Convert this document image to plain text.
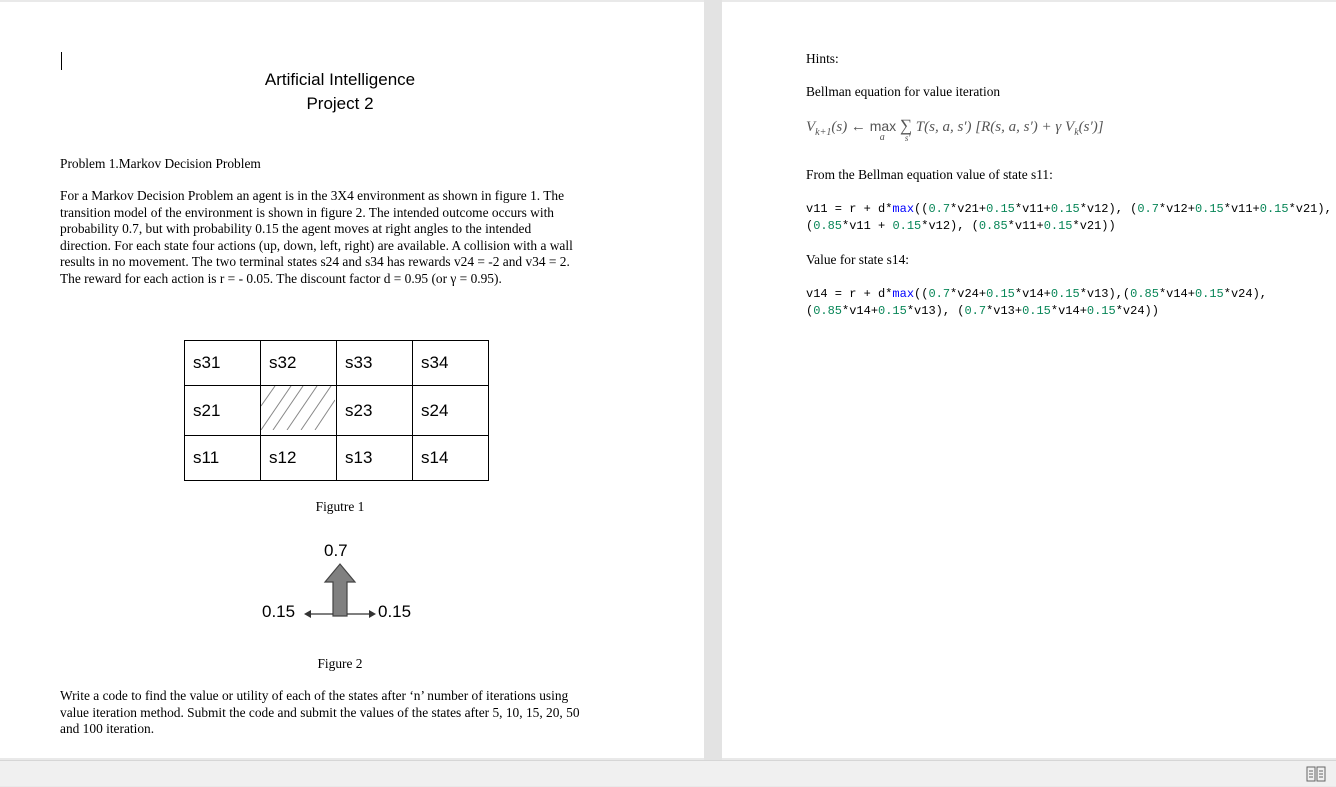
Artificial Intelligence
Project 2
Problem 1.Markov Decision Problem
For a Markov Decision Problem an agent is in the 3X4 environment as shown in figure 1. The
transition model of the environment is shown in figure 2. The intended outcome occurs with
probability 0.7, but with probability 0.15 the agent moves at right angles to the intended
direction. For each state four actions (up, down, left, right) are available. A collision with a wall
results in no movement. The two terminal states s24 and s34 has rewards v24 = -2 and v34 = 2.
The reward for each action is r = - 0.05. The discount factor d = 0.95 (or γ = 0.95).
s31	s32	s33	s34
s21		s23	s24
s11	s12	s13	s14
Figutre 1
0.7
0.15	0.15
Figure 2
Write a code to find the value or utility of each of the states after ‘n’ number of iterations using
value iteration method. Submit the code and submit the values of the states after 5, 10, 15, 20, 50
and 100 iteration.
Hints:
Bellman equation for value iteration
$V_{k+1}(s)$ ← max
a
∑
s′
T(s, a, s′) [R(s, a, s′) + γ $V_k(s')$]
From the Bellman equation value of state s11:
v11 = r + d*max((0.7*v21+0.15*v11+0.15*v12), (0.7*v12+0.15*v11+0.15*v21),
(0.85*v11 + 0.15*v12), (0.85*v11+0.15*v21))
Value for state s14:
v14 = r + d*max((0.7*v24+0.15*v14+0.15*v13),(0.85*v14+0.15*v24),
(0.85*v14+0.15*v13), (0.7*v13+0.15*v14+0.15*v24))
